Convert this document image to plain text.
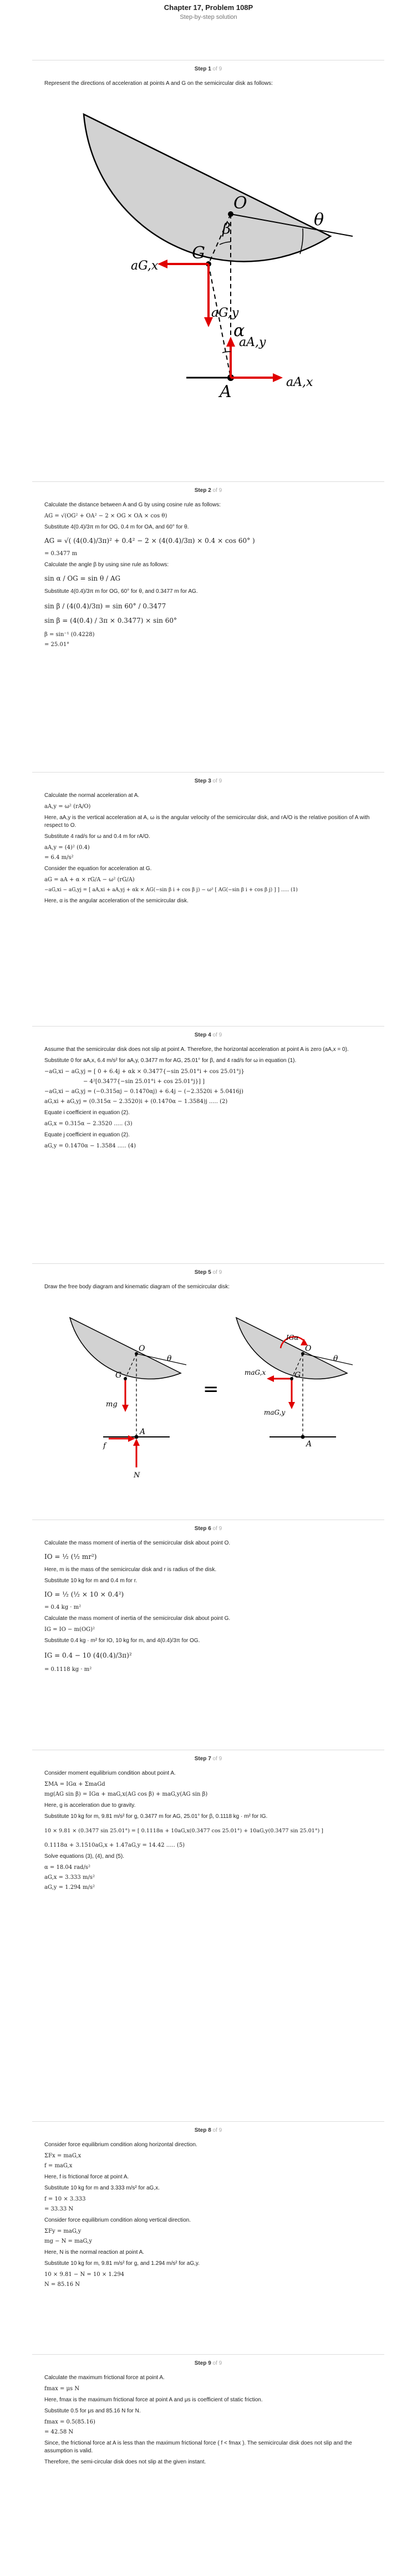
Chapter 17, Problem 108P
Step-by-step solution
Step 1 of 9
Represent the directions of acceleration at points A and G on the semicircular disk as follows:
O
G
A
θ
α
β
aG,x
aG,y
aA,y
aA,x
Step 2 of 9
Calculate the distance between A and G by using cosine rule as follows:
AG = √(OG² + OA² − 2 × OG × OA × cos θ)
Substitute 4(0.4)/3π m for OG, 0.4 m for OA, and 60° for θ.
AG = √( (4(0.4)/3π)² + 0.4² − 2 × (4(0.4)/3π) × 0.4 × cos 60° )
= 0.3477 m
Calculate the angle β by using sine rule as follows:
sin α / OG = sin θ / AG
Substitute 4(0.4)/3π m for OG, 60° for θ, and 0.3477 m for AG.
sin β / (4(0.4)/3π) = sin 60° / 0.3477
sin β = (4(0.4) / 3π × 0.3477) × sin 60°
β = sin⁻¹ (0.4228)
= 25.01°
Step 3 of 9
Calculate the normal acceleration at A.
aA,y = ω² (rA/O)
Here, aA,y is the vertical acceleration at A, ω is the angular velocity of the semicircular disk, and rA/O is the relative position of A with respect to O.
Substitute 4 rad/s for ω and 0.4 m for rA/O.
aA,y = (4)² (0.4)
= 6.4 m/s²
Consider the equation for acceleration at G.
aG = aA + α × rG/A − ω² (rG/A)
−aG,xi − aG,yj = [ aA,xi + aA,yj + αk × AG(−sin β i + cos β j) − ω² [ AG(−sin β i + cos β j) ] ] ..... (1)
Here, α is the angular acceleration of the semicircular disk.
Step 4 of 9
Assume that the semicircular disk does not slip at point A. Therefore, the horizontal acceleration at point A is zero (aA,x = 0).
Substitute 0 for aA,x, 6.4 m/s² for aA,y, 0.3477 m for AG, 25.01° for β, and 4 rad/s for ω in equation (1).
−aG,xi − aG,yj = [ 0 + 6.4j + αk × 0.3477{−sin 25.01°i + cos 25.01°j}
− 4²[0.3477{−sin 25.01°i + cos 25.01°j}] ]
−aG,xi − aG,yj = (−0.315αj − 0.1470αj) + 6.4j − (−2.3520i + 5.0416j)
aG,xi + aG,yj = (0.315α − 2.3520)i + (0.1470α − 1.3584)j ..... (2)
Equate i coefficient in equation (2).
aG,x = 0.315α − 2.3520 ..... (3)
Equate j coefficient in equation (2).
aG,y = 0.1470α − 1.3584 ..... (4)
Step 5 of 9
Draw the free body diagram and kinematic diagram of the semicircular disk:
O
G
A
θ
mg
f
N
=
O
G
A
θ
IGα
maG,x
maG,y
Step 6 of 9
Calculate the mass moment of inertia of the semicircular disk about point O.
IO = ½ (½ mr²)
Here, m is the mass of the semicircular disk and r is radius of the disk.
Substitute 10 kg for m and 0.4 m for r.
IO = ½ (½ × 10 × 0.4²)
= 0.4 kg · m²
Calculate the mass moment of inertia of the semicircular disk about point G.
IG = IO − m(OG)²
Substitute 0.4 kg · m² for IO, 10 kg for m, and 4(0.4)/3π for OG.
IG = 0.4 − 10 (4(0.4)/3π)²
= 0.1118 kg · m²
Step 7 of 9
Consider moment equilibrium condition about point A.
ΣMA = IGα + ΣmaGd
mg(AG sin β) = IGα + maG,x(AG cos β) + maG,y(AG sin β)
Here, g is acceleration due to gravity.
Substitute 10 kg for m, 9.81 m/s² for g, 0.3477 m for AG, 25.01° for β, 0.1118 kg · m² for IG.
10 × 9.81 × (0.3477 sin 25.01°) = [ 0.1118α + 10aG,x(0.3477 cos 25.01°) + 10aG,y(0.3477 sin 25.01°) ]
0.1118α + 3.1510aG,x + 1.47aG,y = 14.42 ..... (5)
Solve equations (3), (4), and (5).
α = 18.04 rad/s²
aG,x = 3.333 m/s²
aG,y = 1.294 m/s²
Step 8 of 9
Consider force equilibrium condition along horizontal direction.
ΣFx = maG,x
f = maG,x
Here, f is frictional force at point A.
Substitute 10 kg for m and 3.333 m/s² for aG,x.
f = 10 × 3.333
= 33.33 N
Consider force equilibrium condition along vertical direction.
ΣFy = maG,y
mg − N = maG,y
Here, N is the normal reaction at point A.
Substitute 10 kg for m, 9.81 m/s² for g, and 1.294 m/s² for aG,y.
10 × 9.81 − N = 10 × 1.294
N = 85.16 N
Step 9 of 9
Calculate the maximum frictional force at point A.
fmax = μs N
Here, fmax is the maximum frictional force at point A and μs is coefficient of static friction.
Substitute 0.5 for μs and 85.16 N for N.
fmax = 0.5(85.16)
= 42.58 N
Since, the frictional force at A is less than the maximum frictional force ( f < fmax ). The semicircular disk does not slip and the assumption is valid.
Therefore, the semi-circular disk does not slip at the given instant.
